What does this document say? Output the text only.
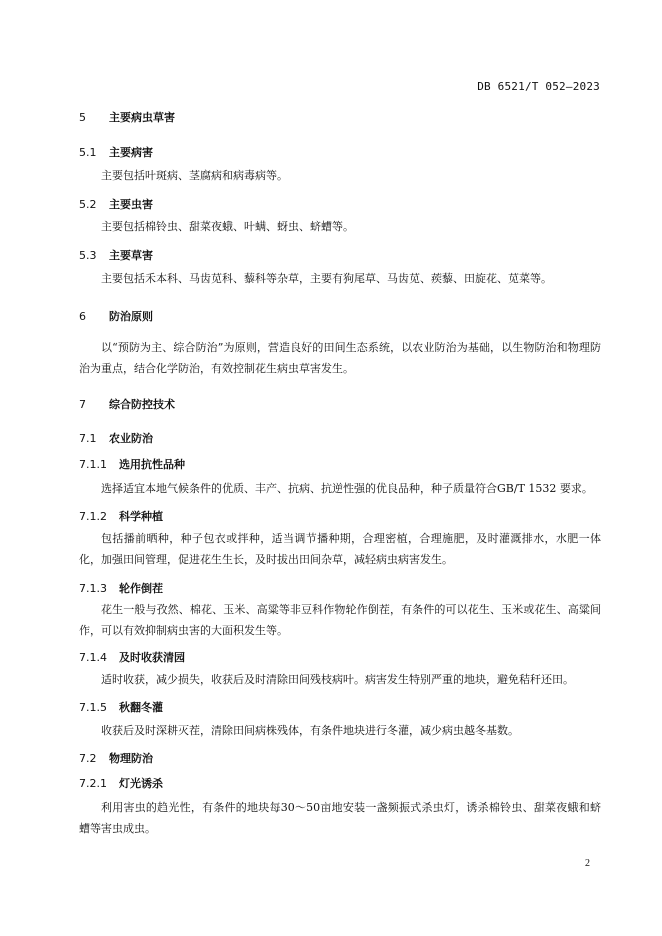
DB 6521/T 052—2023
5 主要病虫草害
5.1 主要病害
主要包括叶斑病、茎腐病和病毒病等。
5.2 主要虫害
主要包括棉铃虫、甜菜夜蛾、叶螨、蚜虫、蛴螬等。
5.3 主要草害
主要包括禾本科、马齿苋科、藜科等杂草，主要有狗尾草、马齿苋、蒺藜、田旋花、苋菜等。
6 防治原则
以“预防为主、综合防治”为原则，营造良好的田间生态系统，以农业防治为基础，以生物防治和物理防治为重点，结合化学防治，有效控制花生病虫草害发生。
7 综合防控技术
7.1 农业防治
7.1.1 选用抗性品种
选择适宜本地气候条件的优质、丰产、抗病、抗逆性强的优良品种，种子质量符合GB/T 1532 要求。
7.1.2 科学种植
包括播前晒种，种子包衣或拌种，适当调节播种期，合理密植，合理施肥，及时灌溉排水，水肥一体化，加强田间管理，促进花生生长，及时拔出田间杂草，减轻病虫病害发生。
7.1.3 轮作倒茬
花生一般与孜然、棉花、玉米、高粱等非豆科作物轮作倒茬，有条件的可以花生、玉米或花生、高粱间作，可以有效抑制病虫害的大面积发生等。
7.1.4 及时收获清园
适时收获，减少损失，收获后及时清除田间残枝病叶。病害发生特别严重的地块，避免秸秆还田。
7.1.5 秋翻冬灌
收获后及时深耕灭茬，清除田间病株残体，有条件地块进行冬灌，减少病虫越冬基数。
7.2 物理防治
7.2.1 灯光诱杀
利用害虫的趋光性，有条件的地块每30～50亩地安装一盏频振式杀虫灯，诱杀棉铃虫、甜菜夜蛾和蛴螬等害虫成虫。
2
